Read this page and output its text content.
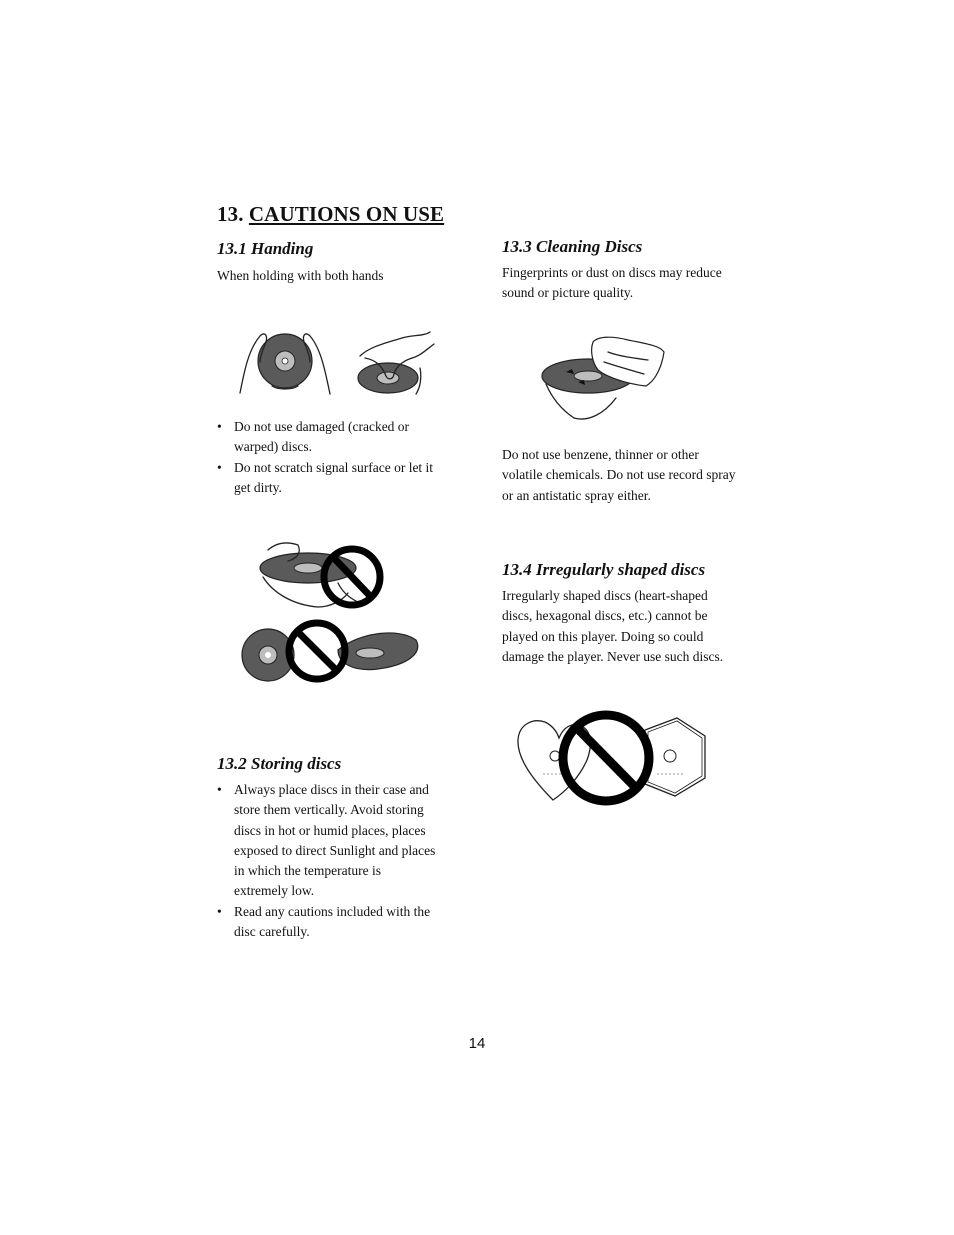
13. CAUTIONS ON USE
13.1 Handing
When holding with both hands
• Do not use damaged (cracked or warped) discs.
• Do not scratch signal surface or let it get dirty.
13.2 Storing discs
• Always place discs in their case and store them vertically. Avoid storing discs in hot or humid places, places exposed to direct Sunlight and places in which the temperature is extremely low.
• Read any cautions included with the disc carefully.
13.3 Cleaning Discs
Fingerprints or dust on discs may reduce sound or picture quality.
Do not use benzene, thinner or other volatile chemicals. Do not use record spray or an antistatic spray either.
13.4 Irregularly shaped discs
Irregularly shaped discs (heart-shaped discs, hexagonal discs, etc.) cannot be played on this player. Doing so could damage the player. Never use such discs.
14
